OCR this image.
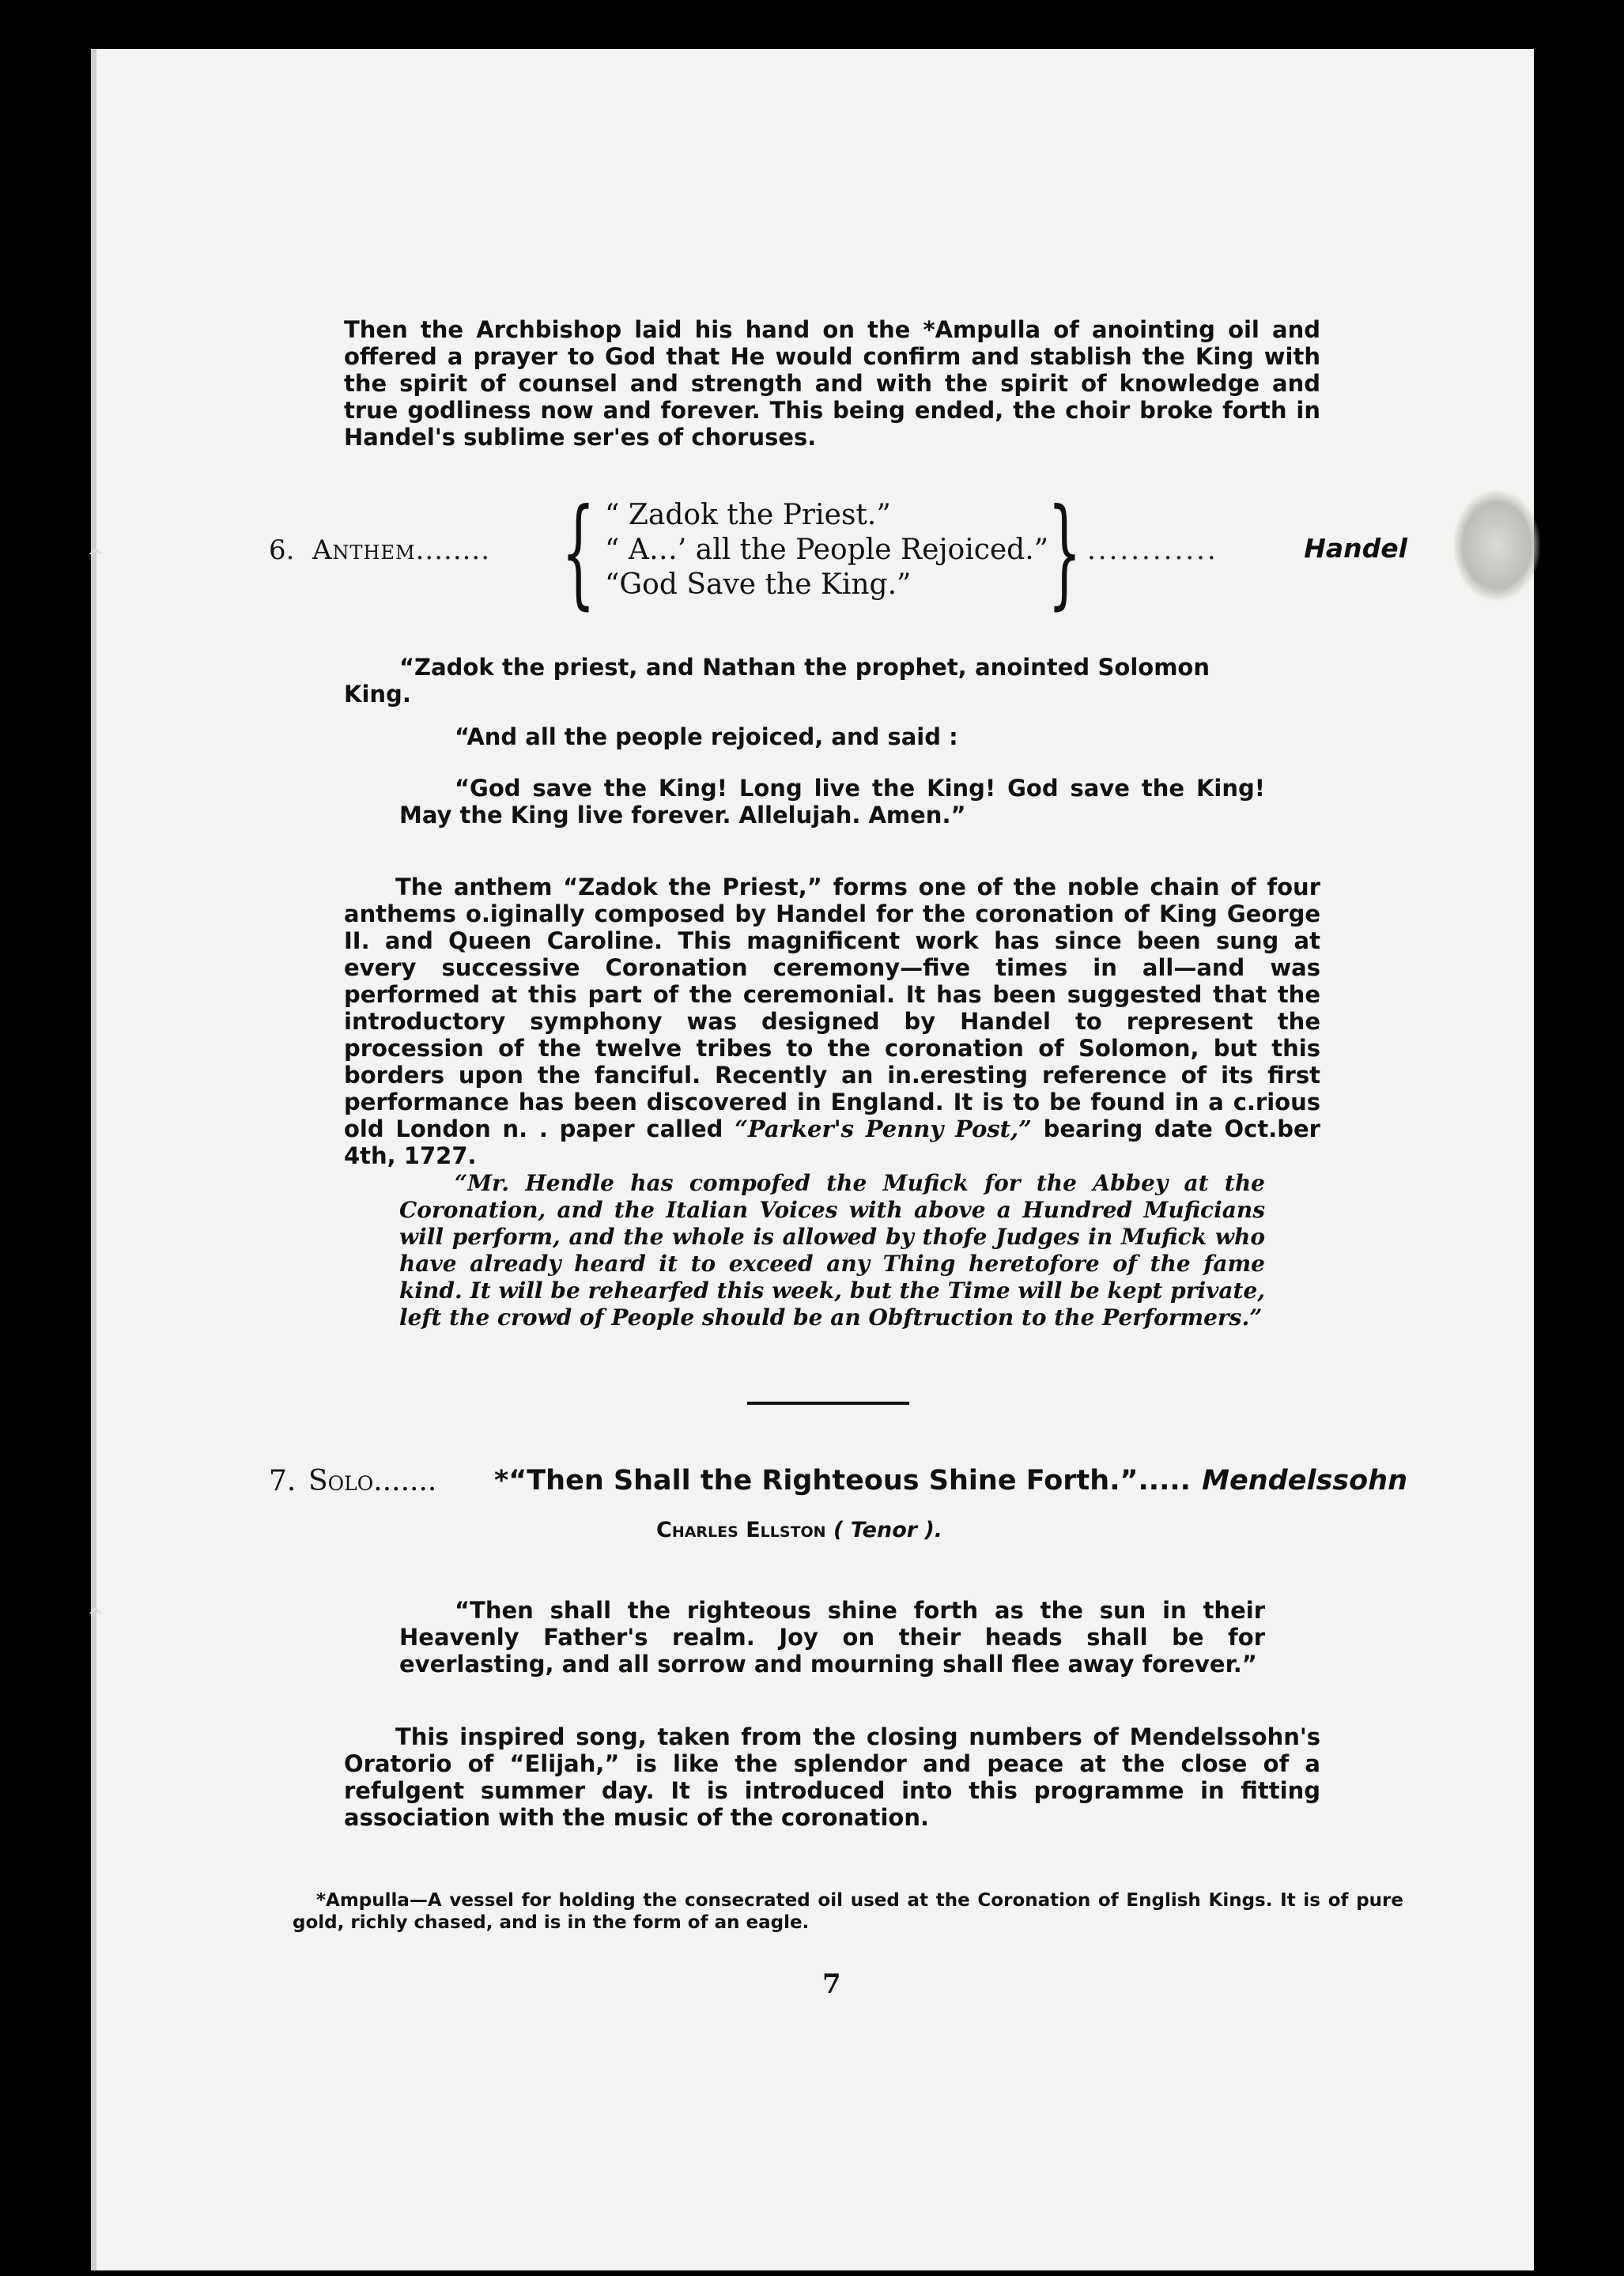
^
^

Then the Archbishop laid his hand on the *Ampulla of anointing oil and offered a prayer to God that He would confirm and stablish the King with the spirit of counsel and strength and with the spirit of knowledge and true godliness now and forever. This being ended, the choir broke forth in Handel's sublime ser'es of choruses.

6. Anthem........ { “ Zadok the Priest.”
“ A…’ all the People Rejoiced.”
“God Save the King.”	} ............	Handel

“Zadok the priest, and Nathan the prophet, anointed Solomon King.

“And all the people rejoiced, and said :

“God save the King! Long live the King! God save the King! May the King live forever. Allelujah. Amen.”

The anthem “Zadok the Priest,” forms one of the noble chain of four anthems o.iginally composed by Handel for the coronation of King George II. and Queen Caroline. This magnificent work has since been sung at every successive Coronation ceremony—five times in all—and was performed at this part of the ceremonial. It has been suggested that the introductory symphony was designed by Handel to represent the procession of the twelve tribes to the coronation of Solomon, but this borders upon the fanciful. Recently an in.eresting reference of its first performance has been discovered in England. It is to be found in a c.rious old London n. . paper called “Parker's Penny Post,” bearing date Oct.ber 4th, 1727.

“Mr. Hendle has compofed the Mufick for the Abbey at the Coronation, and the Italian Voices with above a Hundred Muficians will perform, and the whole is allowed by thofe Judges in Mufick who have already heard it to exceed any Thing heretofore of the fame kind. It will be rehearfed this week, but the Time will be kept private, left the crowd of People should be an Obftruction to the Performers.”

7. Solo....... *“Then Shall the Righteous Shine Forth.”..... Mendelssohn
Charles Ellston ( Tenor ).

“Then shall the righteous shine forth as the sun in their Heavenly Father's realm. Joy on their heads shall be for everlasting, and all sorrow and mourning shall flee away forever.”

This inspired song, taken from the closing numbers of Mendelssohn's Oratorio of “Elijah,” is like the splendor and peace at the close of a refulgent summer day. It is introduced into this programme in fitting association with the music of the coronation.

*Ampulla—A vessel for holding the consecrated oil used at the Coronation of English Kings. It is of pure gold, richly chased, and is in the form of an eagle.

7
